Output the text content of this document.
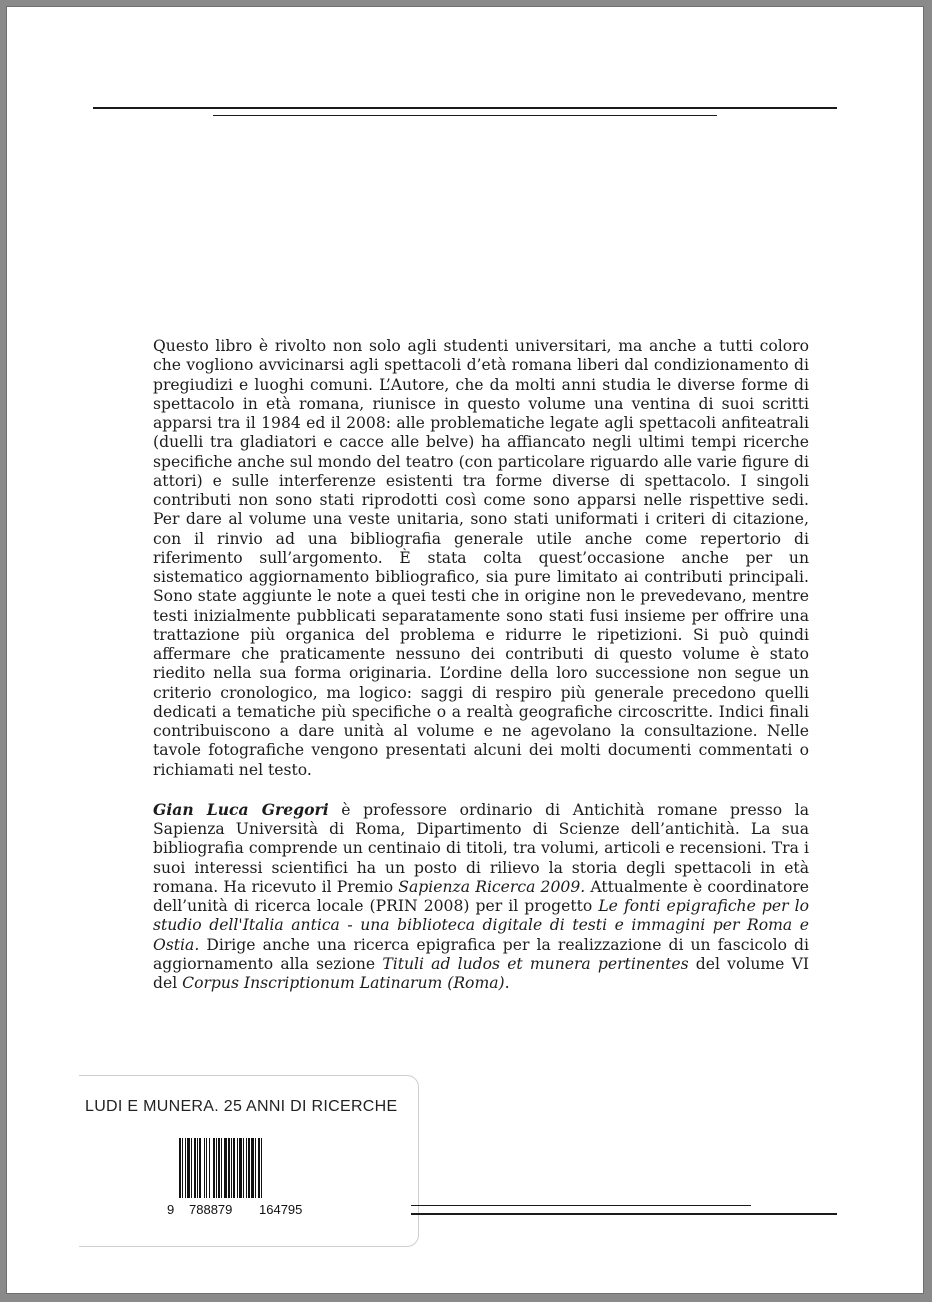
Questo libro è rivolto non solo agli studenti universitari, ma anche a tutti coloro che vogliono avvicinarsi agli spettacoli d’età romana liberi dal condizionamento di pregiudizi e luoghi comuni. L’Autore, che da molti anni studia le diverse forme di spettacolo in età romana, riunisce in questo volume una ventina di suoi scritti apparsi tra il 1984 ed il 2008: alle problematiche legate agli spettacoli anfiteatrali (duelli tra gladiatori e cacce alle belve) ha affiancato negli ultimi tempi ricerche specifiche anche sul mondo del teatro (con particolare riguardo alle varie figure di attori) e sulle interferenze esistenti tra forme diverse di spettacolo. I singoli contributi non sono stati riprodotti così come sono apparsi nelle rispettive sedi. Per dare al volume una veste unitaria, sono stati uniformati i criteri di citazione, con il rinvio ad una bibliografia generale utile anche come repertorio di riferimento sull’argomento. È stata colta quest’occasione anche per un sistematico aggiornamento bibliografico, sia pure limitato ai contributi principali. Sono state aggiunte le note a quei testi che in origine non le prevedevano, mentre testi inizialmente pubblicati separatamente sono stati fusi insieme per offrire una trattazione più organica del problema e ridurre le ripetizioni. Si può quindi affermare che praticamente nessuno dei contributi di questo volume è stato riedito nella sua forma originaria. L’ordine della loro successione non segue un criterio cronologico, ma logico: saggi di respiro più generale precedono quelli dedicati a tematiche più specifiche o a realtà geografiche circoscritte. Indici finali contribuiscono a dare unità al volume e ne agevolano la consultazione. Nelle tavole fotografiche vengono presentati alcuni dei molti documenti commentati o richiamati nel testo.

Gian Luca Gregori è professore ordinario di Antichità romane presso la Sapienza Università di Roma, Dipartimento di Scienze dell’antichità. La sua bibliografia comprende un centinaio di titoli, tra volumi, articoli e recensioni. Tra i suoi interessi scientifici ha un posto di rilievo la storia degli spettacoli in età romana. Ha ricevuto il Premio Sapienza Ricerca 2009. Attualmente è coordinatore dell’unità di ricerca locale (PRIN 2008) per il progetto Le fonti epigrafiche per lo studio dell'Italia antica - una biblioteca digitale di testi e immagini per Roma e Ostia. Dirige anche una ricerca epigrafica per la realizzazione di un fascicolo di aggiornamento alla sezione Tituli ad ludos et munera pertinentes del volume VI del Corpus Inscriptionum Latinarum (Roma).

LUDI E MUNERA. 25 ANNI DI RICERCHE
9 788879 164795
